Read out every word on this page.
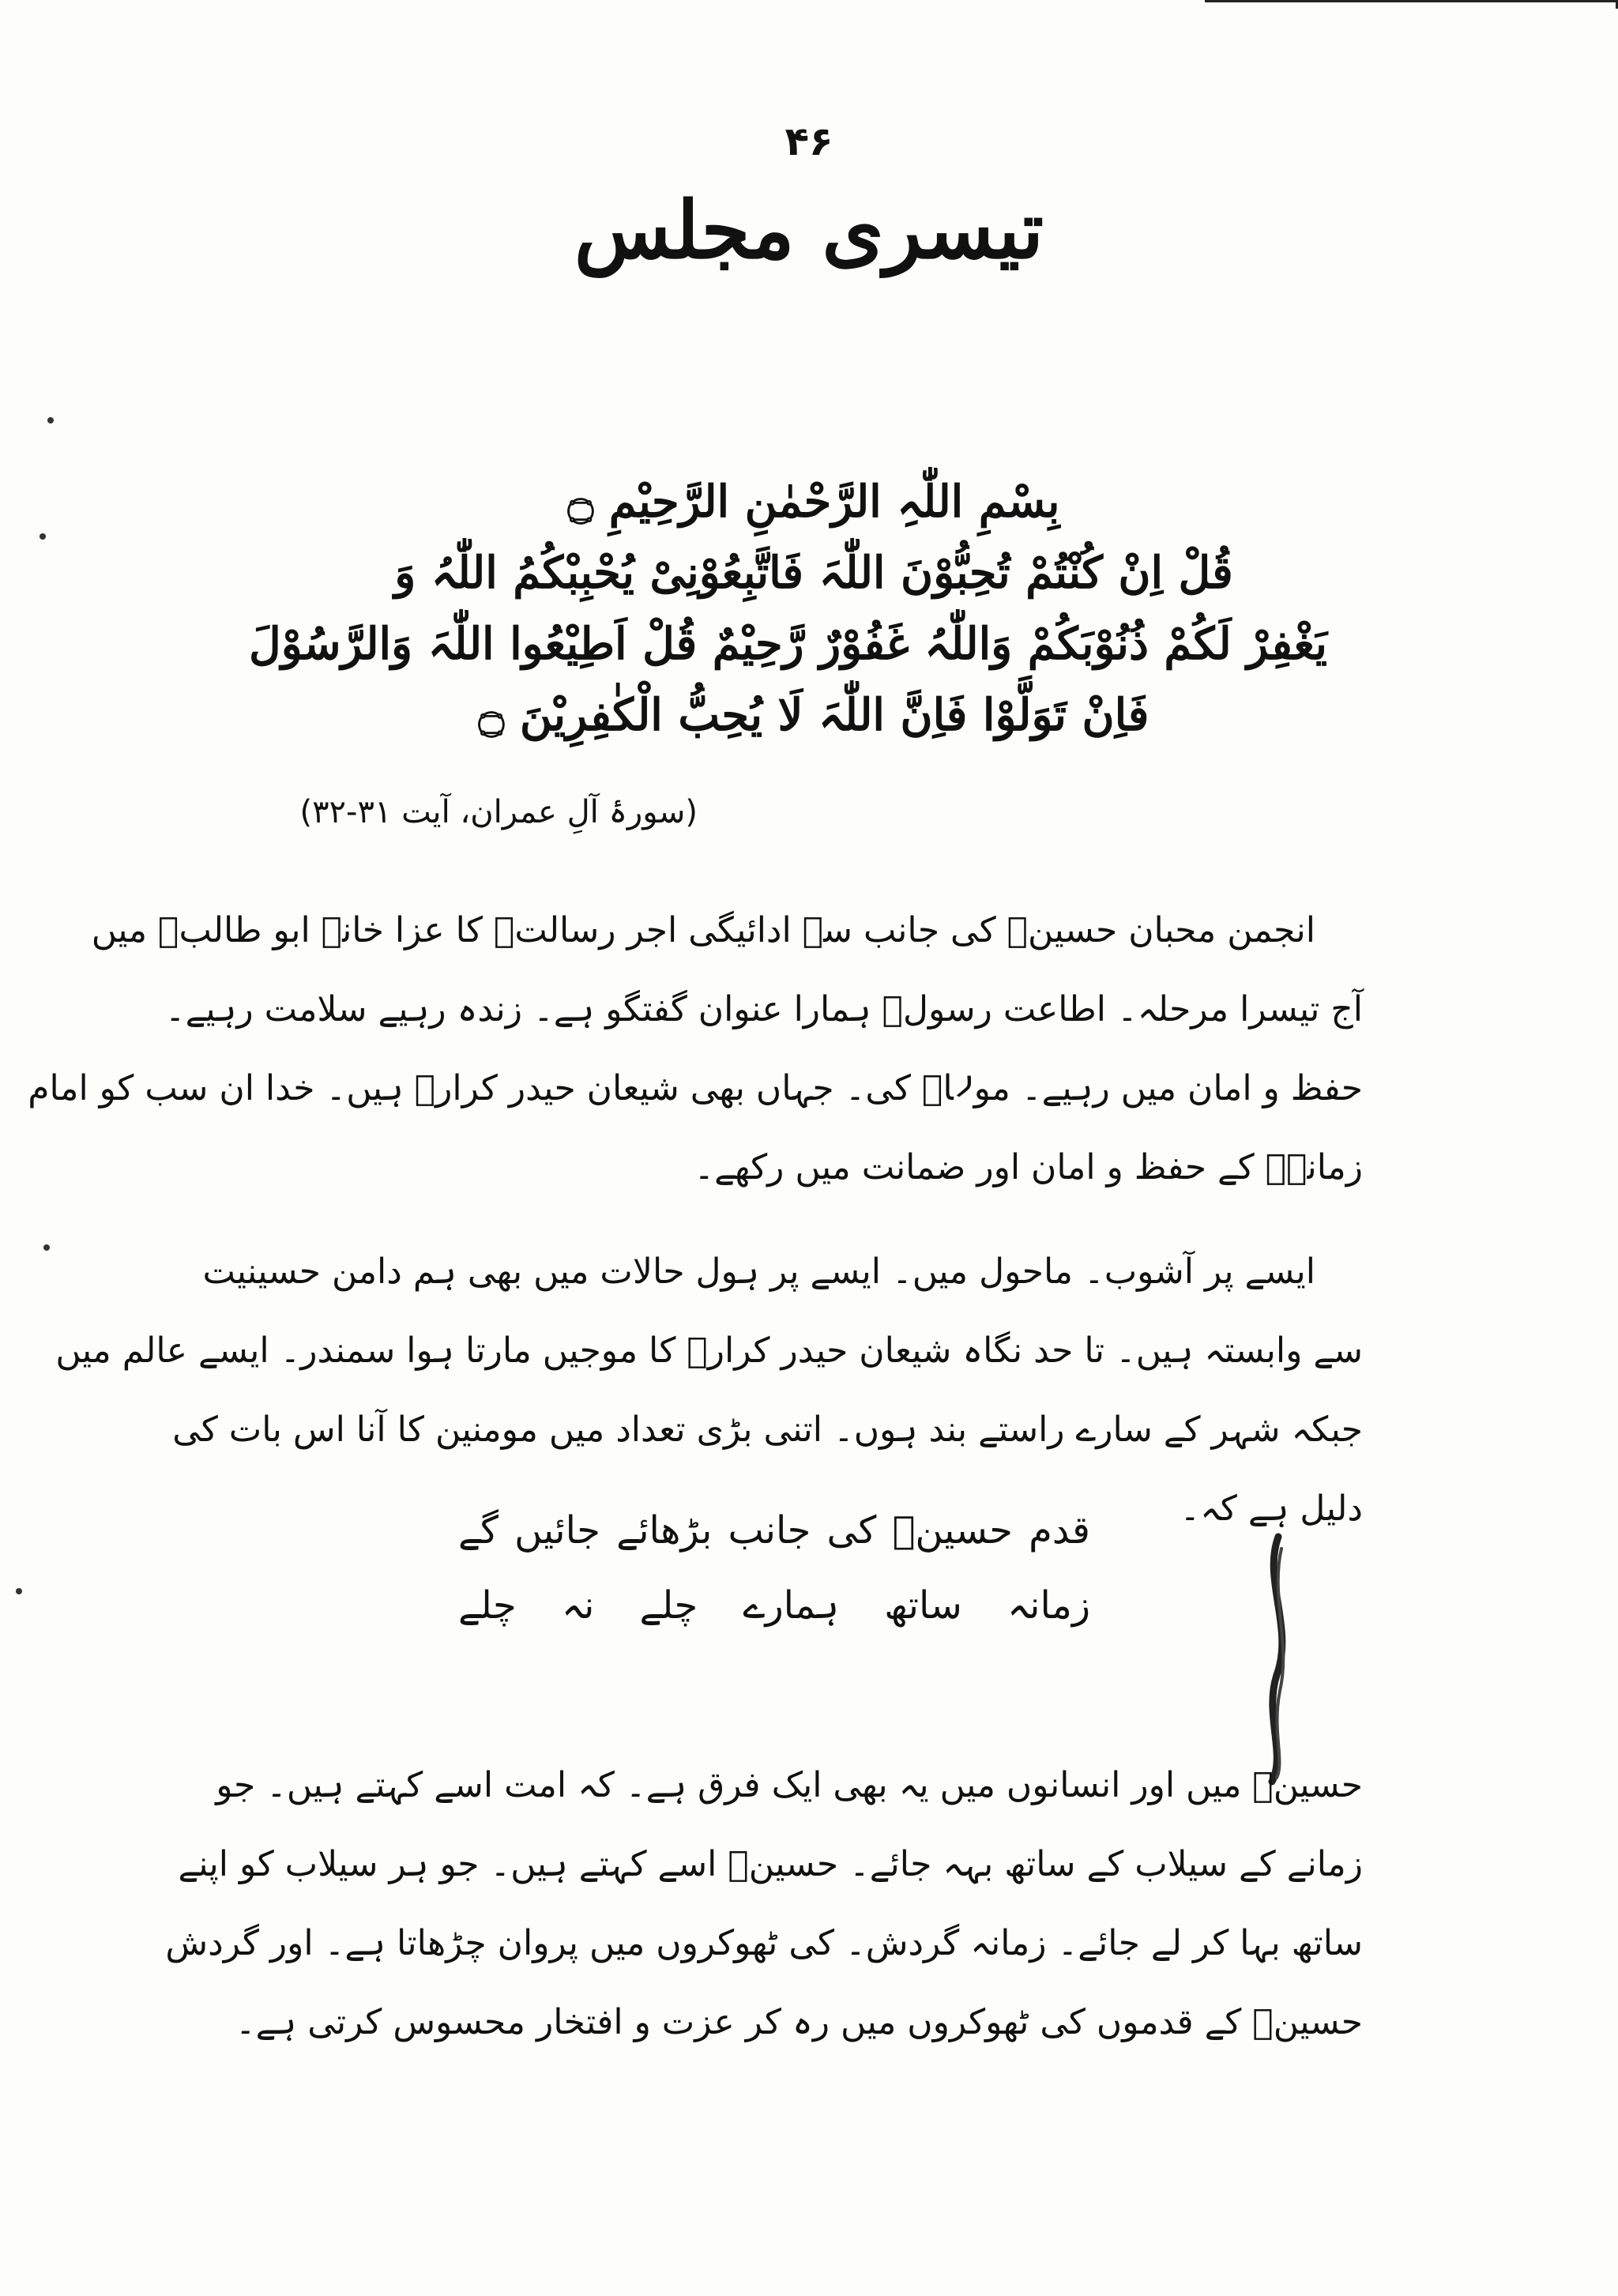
۴۶
تیسری مجلس
بِسْمِ اللّٰہِ الرَّحْمٰنِ الرَّحِیْمِ ۝
قُلْ اِنْ کُنْتُمْ تُحِبُّوْنَ اللّٰہَ فَاتَّبِعُوْنِیْ یُحْبِبْکُمُ اللّٰہُ وَ
یَغْفِرْ لَکُمْ ذُنُوْبَکُمْ وَاللّٰہُ غَفُوْرٌ رَّحِیْمٌ قُلْ اَطِیْعُوا اللّٰہَ وَالرَّسُوْلَ
فَاِنْ تَوَلَّوْا فَاِنَّ اللّٰہَ لَا یُحِبُّ الْکٰفِرِیْنَ ۝
(سورۂ آلِ عمران، آیت ۳۱-۳۲)
انجمن محبان حسینؑ کی جانب سے ادائیگی اجر رسالتؐ کا عزا خانہ ابو طالبؑ میں
آج تیسرا مرحلہ۔ اطاعت رسولؐ ہمارا عنوان گفتگو ہے۔ زندہ رہیے سلامت رہیے۔
حفظ و امان میں رہیے۔ مولاؑ کی۔ جہاں بھی شیعان حیدر کرارؑ ہیں۔ خدا ان سب کو امام
زمانہؑ کے حفظ و امان اور ضمانت میں رکھے۔
ایسے پر آشوب۔ ماحول میں۔ ایسے پر ہول حالات میں بھی ہم دامن حسینیت
سے وابستہ ہیں۔ تا حد نگاہ شیعان حیدر کرارؑ کا موجیں مارتا ہوا سمندر۔ ایسے عالم میں
جبکہ شہر کے سارے راستے بند ہوں۔ اتنی بڑی تعداد میں مومنین کا آنا اس بات کی
دلیل ہے کہ۔
قدم حسینؑ کی جانب بڑھائے جائیں گے
زمانہ ساتھ ہمارے چلے نہ چلے
حسینؑ میں اور انسانوں میں یہ بھی ایک فرق ہے۔ کہ امت اسے کہتے ہیں۔ جو
زمانے کے سیلاب کے ساتھ بہہ جائے۔ حسینؑ اسے کہتے ہیں۔ جو ہر سیلاب کو اپنے
ساتھ بہا کر لے جائے۔ زمانہ گردش۔ کی ٹھوکروں میں پروان چڑھاتا ہے۔ اور گردش
حسینؑ کے قدموں کی ٹھوکروں میں رہ کر عزت و افتخار محسوس کرتی ہے۔
